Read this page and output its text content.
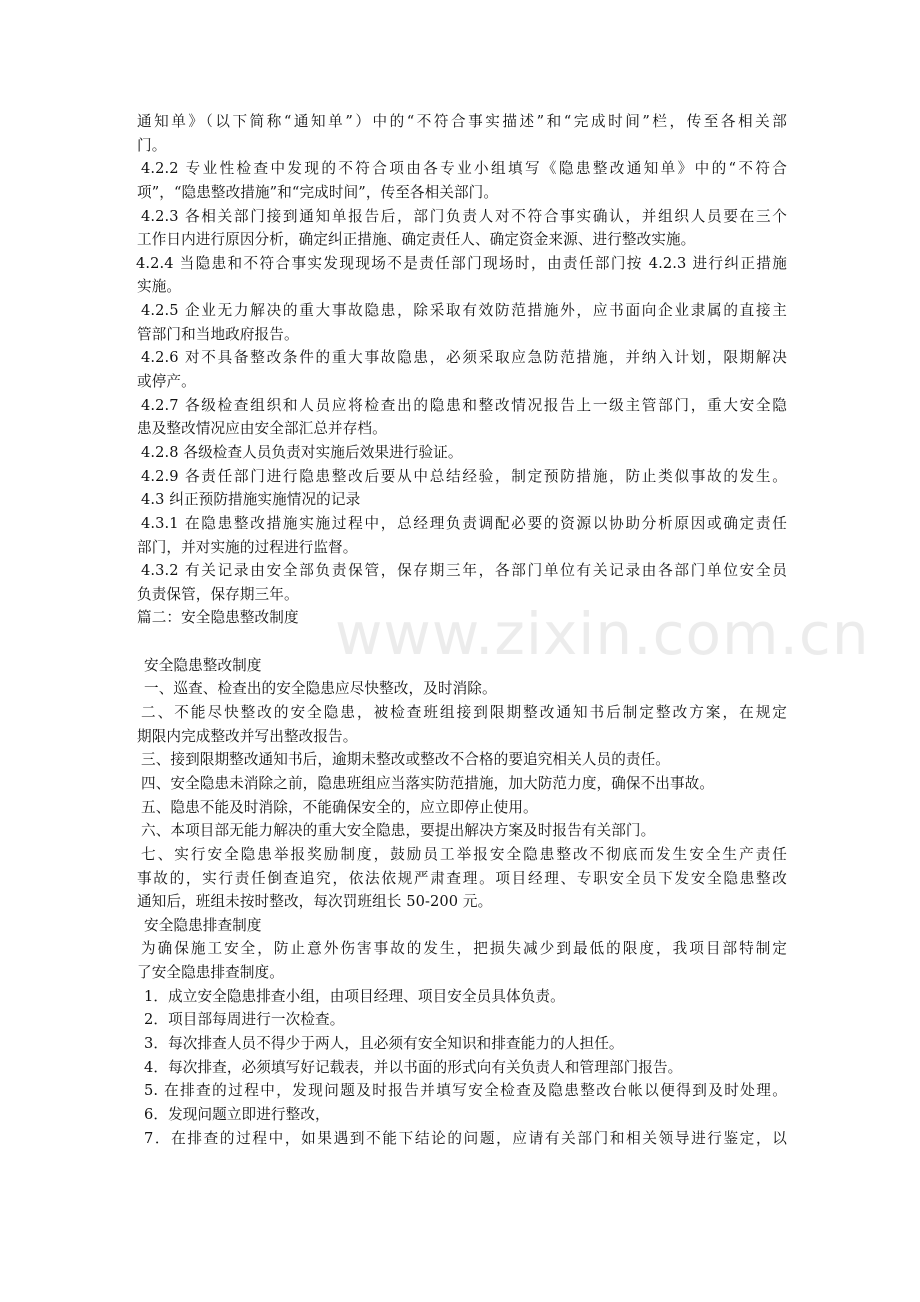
通知单》（以下简称“通知单”）中的“不符合事实描述”和“完成时间”栏，传至各相关部
门。
4.2.2 专业性检查中发现的不符合项由各专业小组填写《隐患整改通知单》中的“不符合
项”，“隐患整改措施”和“完成时间”，传至各相关部门。
4.2.3 各相关部门接到通知单报告后，部门负责人对不符合事实确认，并组织人员要在三个
工作日内进行原因分析，确定纠正措施、确定责任人、确定资金来源、进行整改实施。
4.2.4 当隐患和不符合事实发现现场不是责任部门现场时，由责任部门按 4.2.3 进行纠正措施
实施。
4.2.5 企业无力解决的重大事故隐患，除采取有效防范措施外，应书面向企业隶属的直接主
管部门和当地政府报告。
4.2.6 对不具备整改条件的重大事故隐患，必须采取应急防范措施，并纳入计划，限期解决
或停产。
4.2.7 各级检查组织和人员应将检查出的隐患和整改情况报告上一级主管部门，重大安全隐
患及整改情况应由安全部汇总并存档。
4.2.8 各级检查人员负责对实施后效果进行验证。
4.2.9 各责任部门进行隐患整改后要从中总结经验，制定预防措施，防止类似事故的发生。
4.3 纠正预防措施实施情况的记录
4.3.1 在隐患整改措施实施过程中，总经理负责调配必要的资源以协助分析原因或确定责任
部门，并对实施的过程进行监督。
4.3.2 有关记录由安全部负责保管，保存期三年，各部门单位有关记录由各部门单位安全员
负责保管，保存期三年。
篇二：安全隐患整改制度
安全隐患整改制度
一、巡查、检查出的安全隐患应尽快整改，及时消除。
二、不能尽快整改的安全隐患，被检查班组接到限期整改通知书后制定整改方案，在规定
期限内完成整改并写出整改报告。
三、接到限期整改通知书后，逾期未整改或整改不合格的要追究相关人员的责任。
四、安全隐患未消除之前，隐患班组应当落实防范措施，加大防范力度，确保不出事故。
五、隐患不能及时消除，不能确保安全的，应立即停止使用。
六、本项目部无能力解决的重大安全隐患，要提出解决方案及时报告有关部门。
七、实行安全隐患举报奖励制度，鼓励员工举报安全隐患整改不彻底而发生安全生产责任
事故的，实行责任倒查追究，依法依规严肃查理。项目经理、专职安全员下发安全隐患整改
通知后，班组未按时整改，每次罚班组长 50-200 元。
安全隐患排查制度
为确保施工安全，防止意外伤害事故的发生，把损失减少到最低的限度，我项目部特制定
了安全隐患排查制度。
1．成立安全隐患排查小组，由项目经理、项目安全员具体负责。
2．项目部每周进行一次检查。
3．每次排查人员不得少于两人，且必须有安全知识和排查能力的人担任。
4．每次排查，必须填写好记载表，并以书面的形式向有关负责人和管理部门报告。
5. 在排查的过程中，发现问题及时报告并填写安全检查及隐患整改台帐以便得到及时处理。
6．发现问题立即进行整改，
7．在排查的过程中，如果遇到不能下结论的问题，应请有关部门和相关领导进行鉴定，以
www.zixin.com.cn
